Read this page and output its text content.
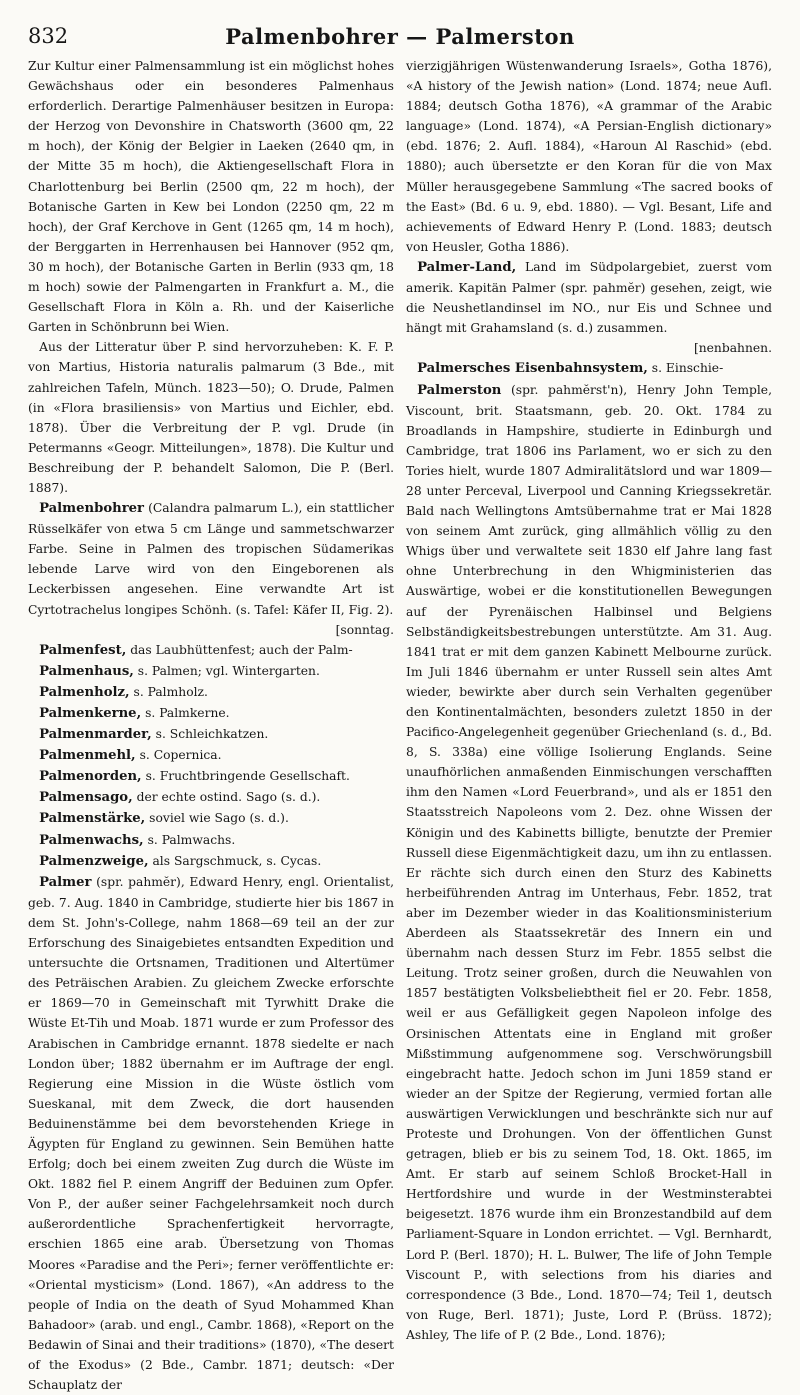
832	Palmenbohrer — Palmerston

Zur Kultur einer Palmensammlung ist ein möglichst hohes Gewächshaus oder ein besonderes Palmenhaus erforderlich. Derartige Palmenhäuser besitzen in Europa: der Herzog von Devonshire in Chatsworth (3600 qm, 22 m hoch), der König der Belgier in Laeken (2640 qm, in der Mitte 35 m hoch), die Aktiengesellschaft Flora in Charlottenburg bei Berlin (2500 qm, 22 m hoch), der Botanische Garten in Kew bei London (2250 qm, 22 m hoch), der Graf Kerchove in Gent (1265 qm, 14 m hoch), der Berggarten in Herrenhausen bei Hannover (952 qm, 30 m hoch), der Botanische Garten in Berlin (933 qm, 18 m hoch) sowie der Palmengarten in Frankfurt a. M., die Gesellschaft Flora in Köln a. Rh. und der Kaiserliche Garten in Schönbrunn bei Wien.

Aus der Litteratur über P. sind hervorzuheben: K. F. P. von Martius, Historia naturalis palmarum (3 Bde., mit zahlreichen Tafeln, Münch. 1823—50); O. Drude, Palmen (in «Flora brasiliensis» von Martius und Eichler, ebd. 1878). Über die Verbreitung der P. vgl. Drude (in Petermanns «Geogr. Mitteilungen», 1878). Die Kultur und Beschreibung der P. behandelt Salomon, Die P. (Berl. 1887).

Palmenbohrer (Calandra palmarum L.), ein stattlicher Rüsselkäfer von etwa 5 cm Länge und sammetschwarzer Farbe. Seine in Palmen des tropischen Südamerikas lebende Larve wird von den Eingeborenen als Leckerbissen angesehen. Eine verwandte Art ist Cyrtotrachelus longipes Schönh. (s. Tafel: Käfer II, Fig. 2).

[sonntag.

Palmenfest, das Laubhüttenfest; auch der Palm-

Palmenhaus, s. Palmen; vgl. Wintergarten.

Palmenholz, s. Palmholz.

Palmenkerne, s. Palmkerne.

Palmenmarder, s. Schleichkatzen.

Palmenmehl, s. Copernica.

Palmenorden, s. Fruchtbringende Gesellschaft.

Palmensago, der echte ostind. Sago (s. d.).

Palmenstärke, soviel wie Sago (s. d.).

Palmenwachs, s. Palmwachs.

Palmenzweige, als Sargschmuck, s. Cycas.

Palmer (spr. pahmĕr), Edward Henry, engl. Orientalist, geb. 7. Aug. 1840 in Cambridge, studierte hier bis 1867 in dem St. John's-College, nahm 1868—69 teil an der zur Erforschung des Sinaigebietes entsandten Expedition und untersuchte die Ortsnamen, Traditionen und Altertümer des Peträischen Arabien. Zu gleichem Zwecke erforschte er 1869—70 in Gemeinschaft mit Tyrwhitt Drake die Wüste Et-Tih und Moab. 1871 wurde er zum Professor des Arabischen in Cambridge ernannt. 1878 siedelte er nach London über; 1882 übernahm er im Auftrage der engl. Regierung eine Mission in die Wüste östlich vom Sueskanal, mit dem Zweck, die dort hausenden Beduinenstämme bei dem bevorstehenden Kriege in Ägypten für England zu gewinnen. Sein Bemühen hatte Erfolg; doch bei einem zweiten Zug durch die Wüste im Okt. 1882 fiel P. einem Angriff der Beduinen zum Opfer. Von P., der außer seiner Fachgelehrsamkeit noch durch außerordentliche Sprachenfertigkeit hervorragte, erschien 1865 eine arab. Übersetzung von Thomas Moores «Paradise and the Peri»; ferner veröffentlichte er: «Oriental mysticism» (Lond. 1867), «An address to the people of India on the death of Syud Mohammed Khan Bahadoor» (arab. und engl., Cambr. 1868), «Report on the Bedawin of Sinai and their traditions» (1870), «The desert of the Exodus» (2 Bde., Cambr. 1871; deutsch: «Der Schauplatz der

vierzigjährigen Wüstenwanderung Israels», Gotha 1876), «A history of the Jewish nation» (Lond. 1874; neue Aufl. 1884; deutsch Gotha 1876), «A grammar of the Arabic language» (Lond. 1874), «A Persian-English dictionary» (ebd. 1876; 2. Aufl. 1884), «Haroun Al Raschid» (ebd. 1880); auch übersetzte er den Koran für die von Max Müller herausgegebene Sammlung «The sacred books of the East» (Bd. 6 u. 9, ebd. 1880). — Vgl. Besant, Life and achievements of Edward Henry P. (Lond. 1883; deutsch von Heusler, Gotha 1886).

Palmer-Land, Land im Südpolargebiet, zuerst vom amerik. Kapitän Palmer (spr. pahmĕr) gesehen, zeigt, wie die Neushetlandinsel im NO., nur Eis und Schnee und hängt mit Grahamsland (s. d.) zusammen.

[nenbahnen.

Palmersches Eisenbahnsystem, s. Einschie-

Palmerston (spr. pahmĕrst'n), Henry John Temple, Viscount, brit. Staatsmann, geb. 20. Okt. 1784 zu Broadlands in Hampshire, studierte in Edinburgh und Cambridge, trat 1806 ins Parlament, wo er sich zu den Tories hielt, wurde 1807 Admiralitätslord und war 1809—28 unter Perceval, Liverpool und Canning Kriegssekretär. Bald nach Wellingtons Amtsübernahme trat er Mai 1828 von seinem Amt zurück, ging allmählich völlig zu den Whigs über und verwaltete seit 1830 elf Jahre lang fast ohne Unterbrechung in den Whigministerien das Auswärtige, wobei er die konstitutionellen Bewegungen auf der Pyrenäischen Halbinsel und Belgiens Selbständigkeitsbestrebungen unterstützte. Am 31. Aug. 1841 trat er mit dem ganzen Kabinett Melbourne zurück. Im Juli 1846 übernahm er unter Russell sein altes Amt wieder, bewirkte aber durch sein Verhalten gegenüber den Kontinentalmächten, besonders zuletzt 1850 in der Pacifico-Angelegenheit gegenüber Griechenland (s. d., Bd. 8, S. 338a) eine völlige Isolierung Englands. Seine unaufhörlichen anmaßenden Einmischungen verschafften ihm den Namen «Lord Feuerbrand», und als er 1851 den Staatsstreich Napoleons vom 2. Dez. ohne Wissen der Königin und des Kabinetts billigte, benutzte der Premier Russell diese Eigenmächtigkeit dazu, um ihn zu entlassen. Er rächte sich durch einen den Sturz des Kabinetts herbeiführenden Antrag im Unterhaus, Febr. 1852, trat aber im Dezember wieder in das Koalitionsministerium Aberdeen als Staatssekretär des Innern ein und übernahm nach dessen Sturz im Febr. 1855 selbst die Leitung. Trotz seiner großen, durch die Neuwahlen von 1857 bestätigten Volksbeliebtheit fiel er 20. Febr. 1858, weil er aus Gefälligkeit gegen Napoleon infolge des Orsinischen Attentats eine in England mit großer Mißstimmung aufgenommene sog. Verschwörungsbill eingebracht hatte. Jedoch schon im Juni 1859 stand er wieder an der Spitze der Regierung, vermied fortan alle auswärtigen Verwicklungen und beschränkte sich nur auf Proteste und Drohungen. Von der öffentlichen Gunst getragen, blieb er bis zu seinem Tod, 18. Okt. 1865, im Amt. Er starb auf seinem Schloß Brocket-Hall in Hertfordshire und wurde in der Westminsterabtei beigesetzt. 1876 wurde ihm ein Bronzestandbild auf dem Parliament-Square in London errichtet. — Vgl. Bernhardt, Lord P. (Berl. 1870); H. L. Bulwer, The life of John Temple Viscount P., with selections from his diaries and correspondence (3 Bde., Lond. 1870—74; Teil 1, deutsch von Ruge, Berl. 1871); Juste, Lord P. (Brüss. 1872); Ashley, The life of P. (2 Bde., Lond. 1876);
